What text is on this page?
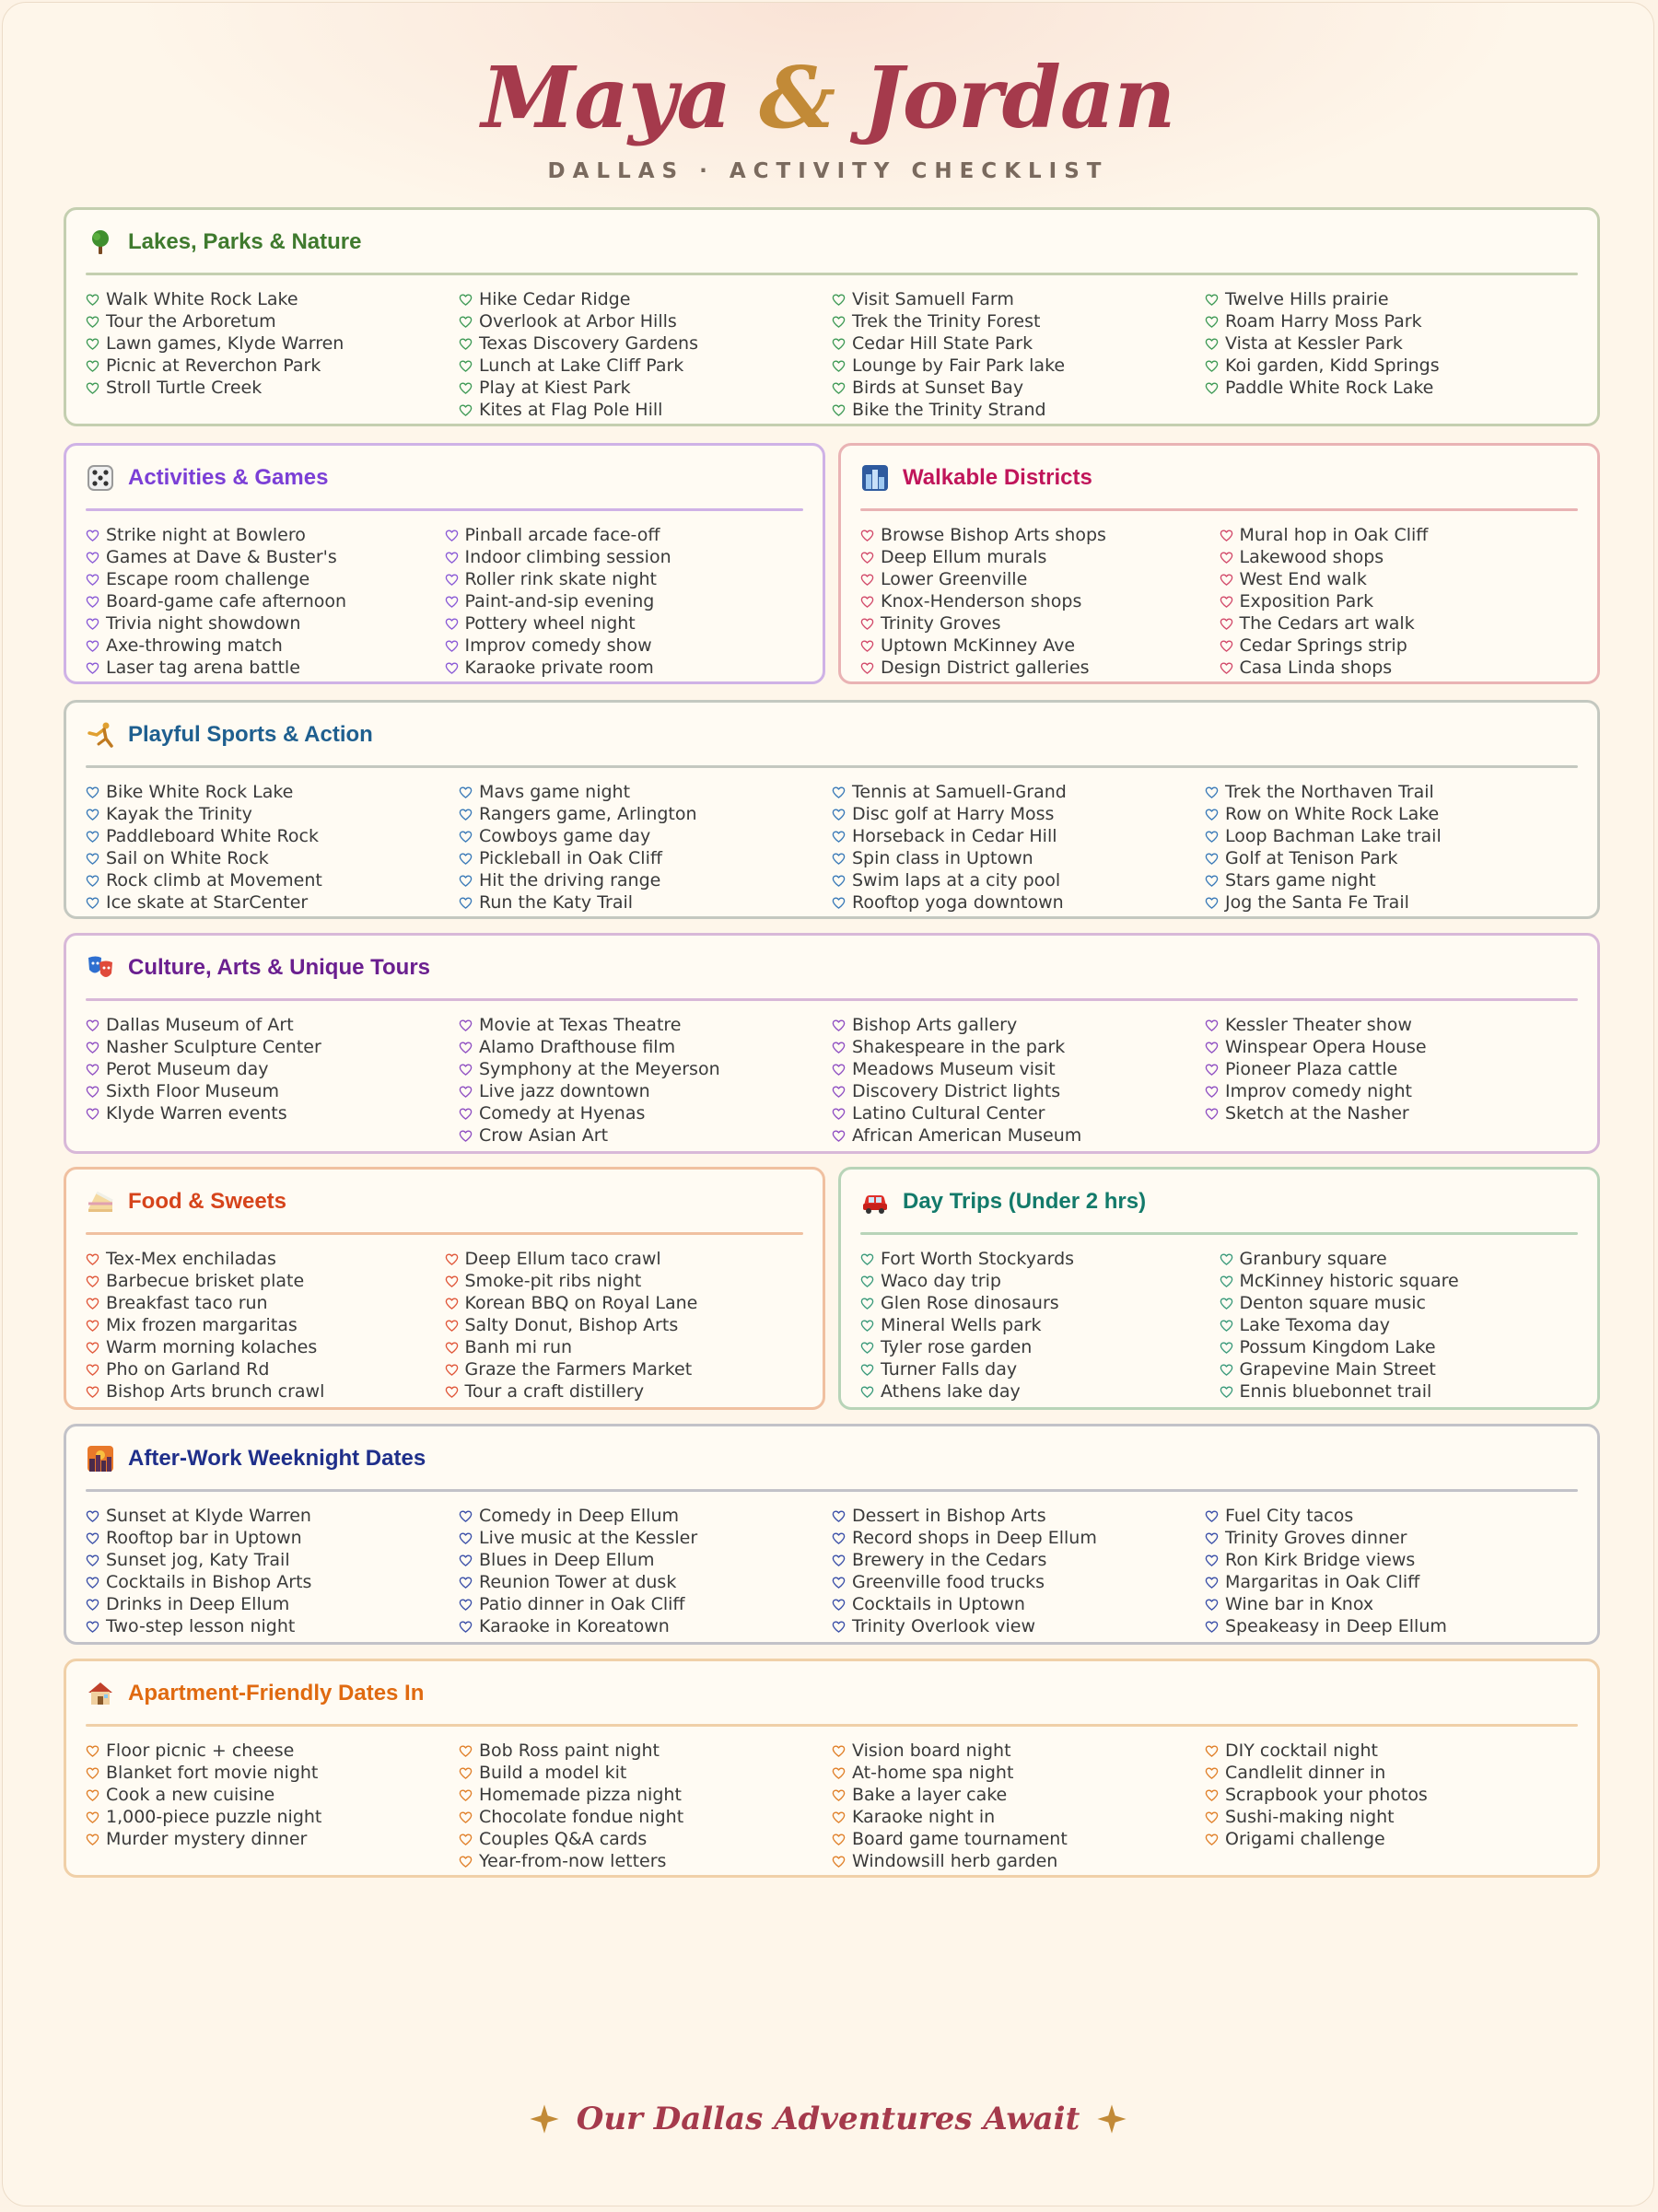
Maya & Jordan
DALLAS · ACTIVITY CHECKLIST
Lakes, Parks & Nature
Walk White Rock Lake
Tour the Arboretum
Lawn games, Klyde Warren
Picnic at Reverchon Park
Stroll Turtle Creek
Hike Cedar Ridge
Overlook at Arbor Hills
Texas Discovery Gardens
Lunch at Lake Cliff Park
Play at Kiest Park
Kites at Flag Pole Hill
Visit Samuell Farm
Trek the Trinity Forest
Cedar Hill State Park
Lounge by Fair Park lake
Birds at Sunset Bay
Bike the Trinity Strand
Twelve Hills prairie
Roam Harry Moss Park
Vista at Kessler Park
Koi garden, Kidd Springs
Paddle White Rock Lake
Activities & Games
Strike night at Bowlero
Games at Dave & Buster's
Escape room challenge
Board-game cafe afternoon
Trivia night showdown
Axe-throwing match
Laser tag arena battle
Pinball arcade face-off
Indoor climbing session
Roller rink skate night
Paint-and-sip evening
Pottery wheel night
Improv comedy show
Karaoke private room
Walkable Districts
Browse Bishop Arts shops
Deep Ellum murals
Lower Greenville
Knox-Henderson shops
Trinity Groves
Uptown McKinney Ave
Design District galleries
Mural hop in Oak Cliff
Lakewood shops
West End walk
Exposition Park
The Cedars art walk
Cedar Springs strip
Casa Linda shops
Playful Sports & Action
Bike White Rock Lake
Kayak the Trinity
Paddleboard White Rock
Sail on White Rock
Rock climb at Movement
Ice skate at StarCenter
Mavs game night
Rangers game, Arlington
Cowboys game day
Pickleball in Oak Cliff
Hit the driving range
Run the Katy Trail
Tennis at Samuell-Grand
Disc golf at Harry Moss
Horseback in Cedar Hill
Spin class in Uptown
Swim laps at a city pool
Rooftop yoga downtown
Trek the Northaven Trail
Row on White Rock Lake
Loop Bachman Lake trail
Golf at Tenison Park
Stars game night
Jog the Santa Fe Trail
Culture, Arts & Unique Tours
Dallas Museum of Art
Nasher Sculpture Center
Perot Museum day
Sixth Floor Museum
Klyde Warren events
Movie at Texas Theatre
Alamo Drafthouse film
Symphony at the Meyerson
Live jazz downtown
Comedy at Hyenas
Crow Asian Art
Bishop Arts gallery
Shakespeare in the park
Meadows Museum visit
Discovery District lights
Latino Cultural Center
African American Museum
Kessler Theater show
Winspear Opera House
Pioneer Plaza cattle
Improv comedy night
Sketch at the Nasher
Food & Sweets
Tex-Mex enchiladas
Barbecue brisket plate
Breakfast taco run
Mix frozen margaritas
Warm morning kolaches
Pho on Garland Rd
Bishop Arts brunch crawl
Deep Ellum taco crawl
Smoke-pit ribs night
Korean BBQ on Royal Lane
Salty Donut, Bishop Arts
Banh mi run
Graze the Farmers Market
Tour a craft distillery
Day Trips (Under 2 hrs)
Fort Worth Stockyards
Waco day trip
Glen Rose dinosaurs
Mineral Wells park
Tyler rose garden
Turner Falls day
Athens lake day
Granbury square
McKinney historic square
Denton square music
Lake Texoma day
Possum Kingdom Lake
Grapevine Main Street
Ennis bluebonnet trail
After-Work Weeknight Dates
Sunset at Klyde Warren
Rooftop bar in Uptown
Sunset jog, Katy Trail
Cocktails in Bishop Arts
Drinks in Deep Ellum
Two-step lesson night
Comedy in Deep Ellum
Live music at the Kessler
Blues in Deep Ellum
Reunion Tower at dusk
Patio dinner in Oak Cliff
Karaoke in Koreatown
Dessert in Bishop Arts
Record shops in Deep Ellum
Brewery in the Cedars
Greenville food trucks
Cocktails in Uptown
Trinity Overlook view
Fuel City tacos
Trinity Groves dinner
Ron Kirk Bridge views
Margaritas in Oak Cliff
Wine bar in Knox
Speakeasy in Deep Ellum
Apartment-Friendly Dates In
Floor picnic + cheese
Blanket fort movie night
Cook a new cuisine
1,000-piece puzzle night
Murder mystery dinner
Bob Ross paint night
Build a model kit
Homemade pizza night
Chocolate fondue night
Couples Q&A cards
Year-from-now letters
Vision board night
At-home spa night
Bake a layer cake
Karaoke night in
Board game tournament
Windowsill herb garden
DIY cocktail night
Candlelit dinner in
Scrapbook your photos
Sushi-making night
Origami challenge
Our Dallas Adventures Await
